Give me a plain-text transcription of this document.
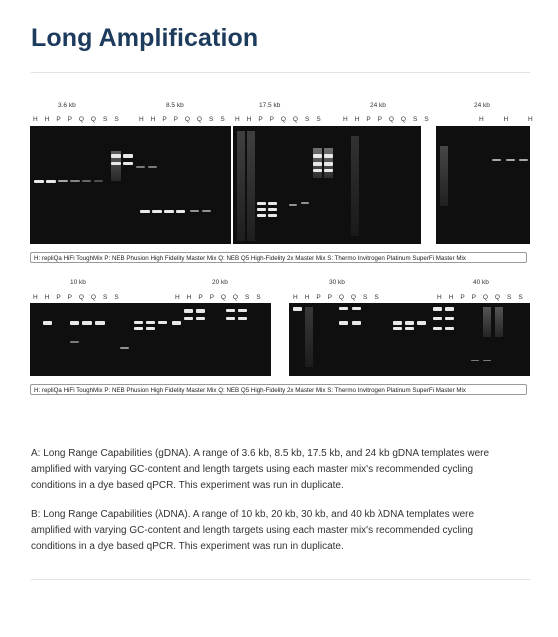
Long Amplification
3.6 kb	8.5 kb	17.5 kb	24 kb	24 kb
H H P P Q Q S S	H H P P Q Q S S H H P P Q Q S S	H H P P Q Q S S	H H H
H: repliQa HiFi ToughMix P: NEB Phusion High Fidelity Master Mix Q: NEB Q5 High-Fidelity 2x Master Mix S: Thermo Invitrogen Platinum SuperFi Master Mix
10 kb	20 kb	30 kb	40 kb
H H P P Q Q S S	H H P P Q Q S S	H H P P Q Q S S	H H P P Q Q S S
H: repliQa HiFi ToughMix P: NEB Phusion High Fidelity Master Mix Q: NEB Q5 High-Fidelity 2x Master Mix S: Thermo Invitrogen Platinum SuperFi Master Mix
A: Long Range Capabilities (gDNA). A range of 3.6 kb, 8.5 kb, 17.5 kb, and 24 kb gDNA templates were amplified with varying GC-content and length targets using each master mix's recommended cycling conditions in a dye based qPCR. This experiment was run in duplicate.
B: Long Range Capabilities (λDNA). A range of 10 kb, 20 kb, 30 kb, and 40 kb λDNA templates were amplified with varying GC-content and length targets using each master mix's recommended cycling conditions in a dye based qPCR. This experiment was run in duplicate.
